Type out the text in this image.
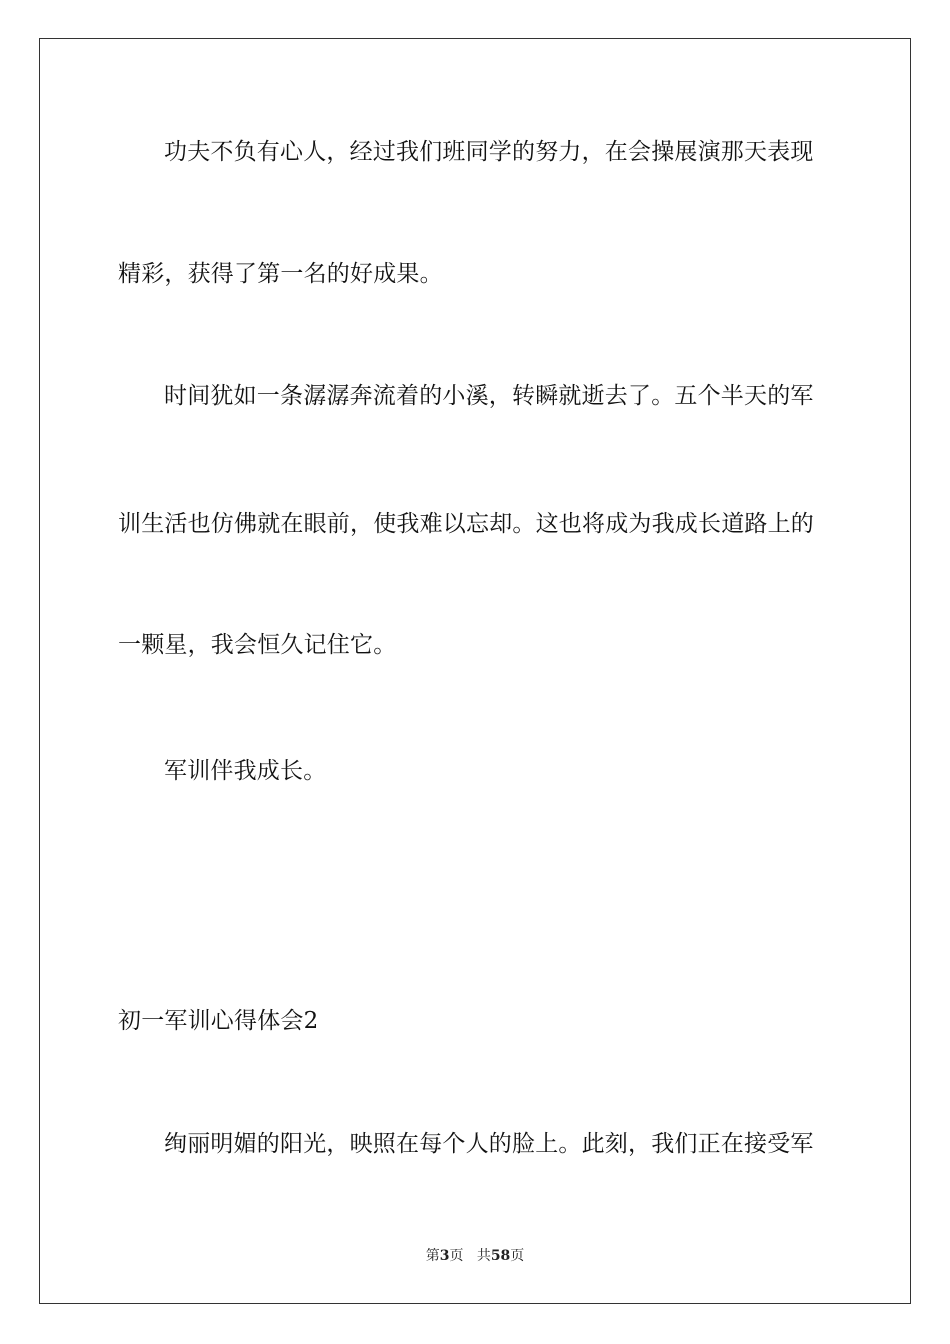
功夫不负有心人，经过我们班同学的努力，在会操展演那天表现
精彩，获得了第一名的好成果。
时间犹如一条潺潺奔流着的小溪，转瞬就逝去了。五个半天的军
训生活也仿佛就在眼前，使我难以忘却。这也将成为我成长道路上的
一颗星，我会恒久记住它。
军训伴我成长。
初一军训心得体会2
绚丽明媚的阳光，映照在每个人的脸上。此刻，我们正在接受军
第3页 共58页
